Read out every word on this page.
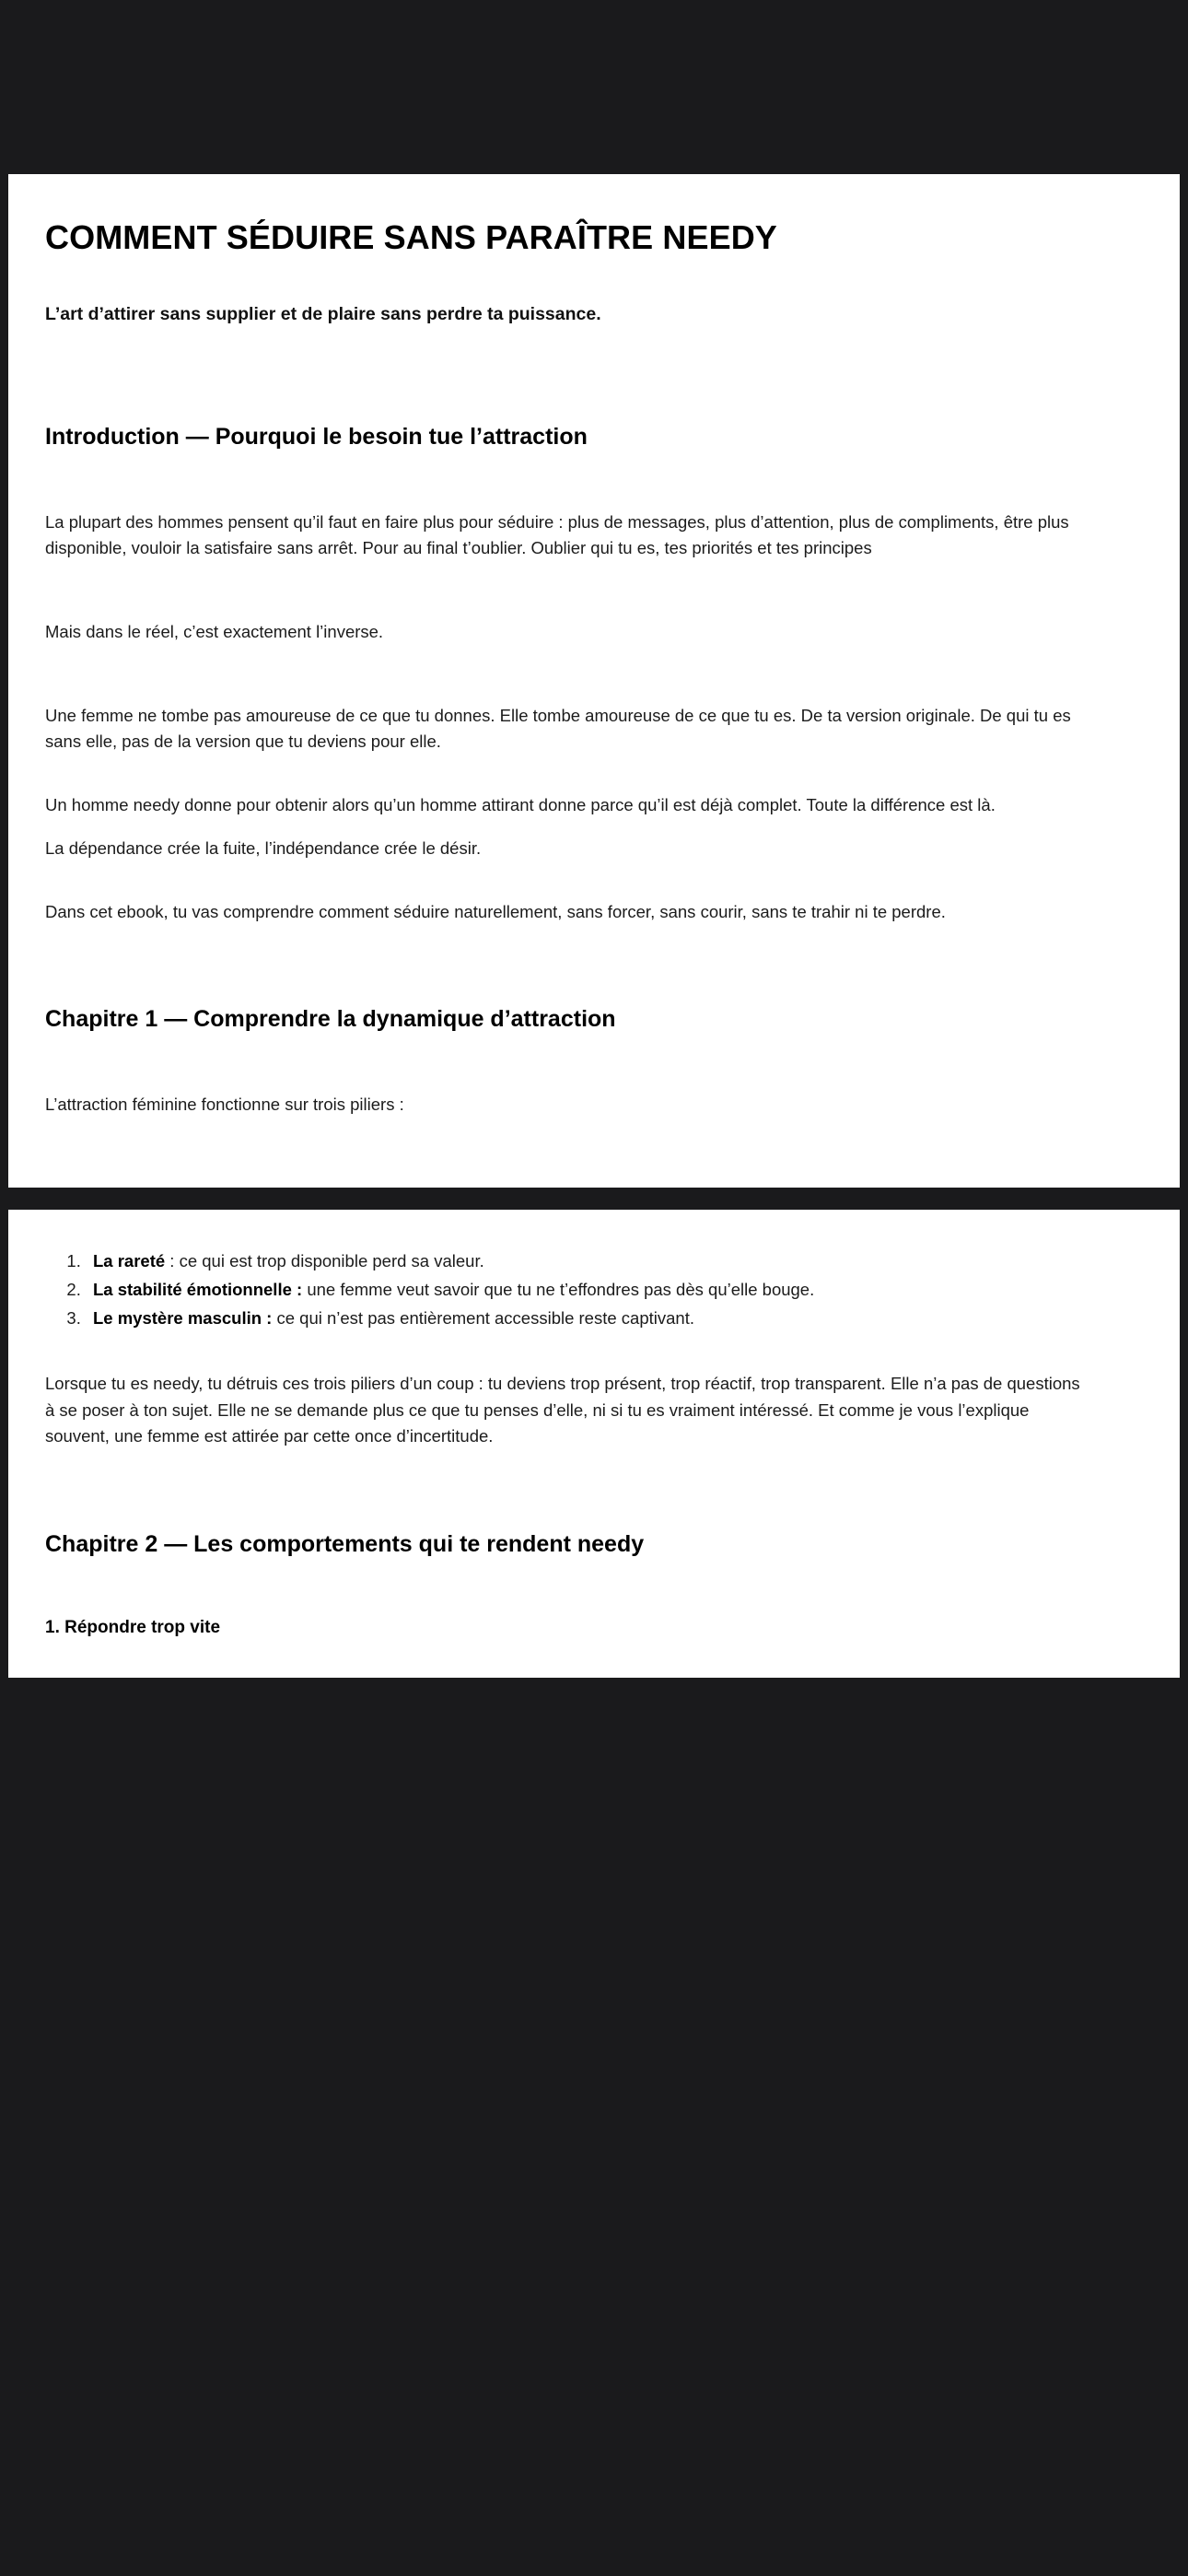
COMMENT SÉDUIRE SANS PARAÎTRE NEEDY
L’art d’attirer sans supplier et de plaire sans perdre ta puissance.
Introduction — Pourquoi le besoin tue l’attraction

La plupart des hommes pensent qu’il faut en faire plus pour séduire : plus de messages, plus d’attention, plus de compliments, être plus disponible, vouloir la satisfaire sans arrêt. Pour au final t’oublier. Oublier qui tu es, tes priorités et tes principes

Mais dans le réel, c’est exactement l’inverse.

Une femme ne tombe pas amoureuse de ce que tu donnes. Elle tombe amoureuse de ce que tu es. De ta version originale. De qui tu es sans elle, pas de la version que tu deviens pour elle.

Un homme needy donne pour obtenir alors qu’un homme attirant donne parce qu’il est déjà complet. Toute la différence est là.

La dépendance crée la fuite, l’indépendance crée le désir.

Dans cet ebook, tu vas comprendre comment séduire naturellement, sans forcer, sans courir, sans te trahir ni te perdre.

Chapitre 1 — Comprendre la dynamique d’attraction

L’attraction féminine fonctionne sur trois piliers :

1. La rareté : ce qui est trop disponible perd sa valeur.
2. La stabilité émotionnelle : une femme veut savoir que tu ne t’effondres pas dès qu’elle bouge.
3. Le mystère masculin : ce qui n’est pas entièrement accessible reste captivant.

Lorsque tu es needy, tu détruis ces trois piliers d’un coup : tu deviens trop présent, trop réactif, trop transparent. Elle n’a pas de questions à se poser à ton sujet. Elle ne se demande plus ce que tu penses d’elle, ni si tu es vraiment intéressé. Et comme je vous l’explique souvent, une femme est attirée par cette once d’incertitude.

Chapitre 2 — Les comportements qui te rendent needy
1. Répondre trop vite
